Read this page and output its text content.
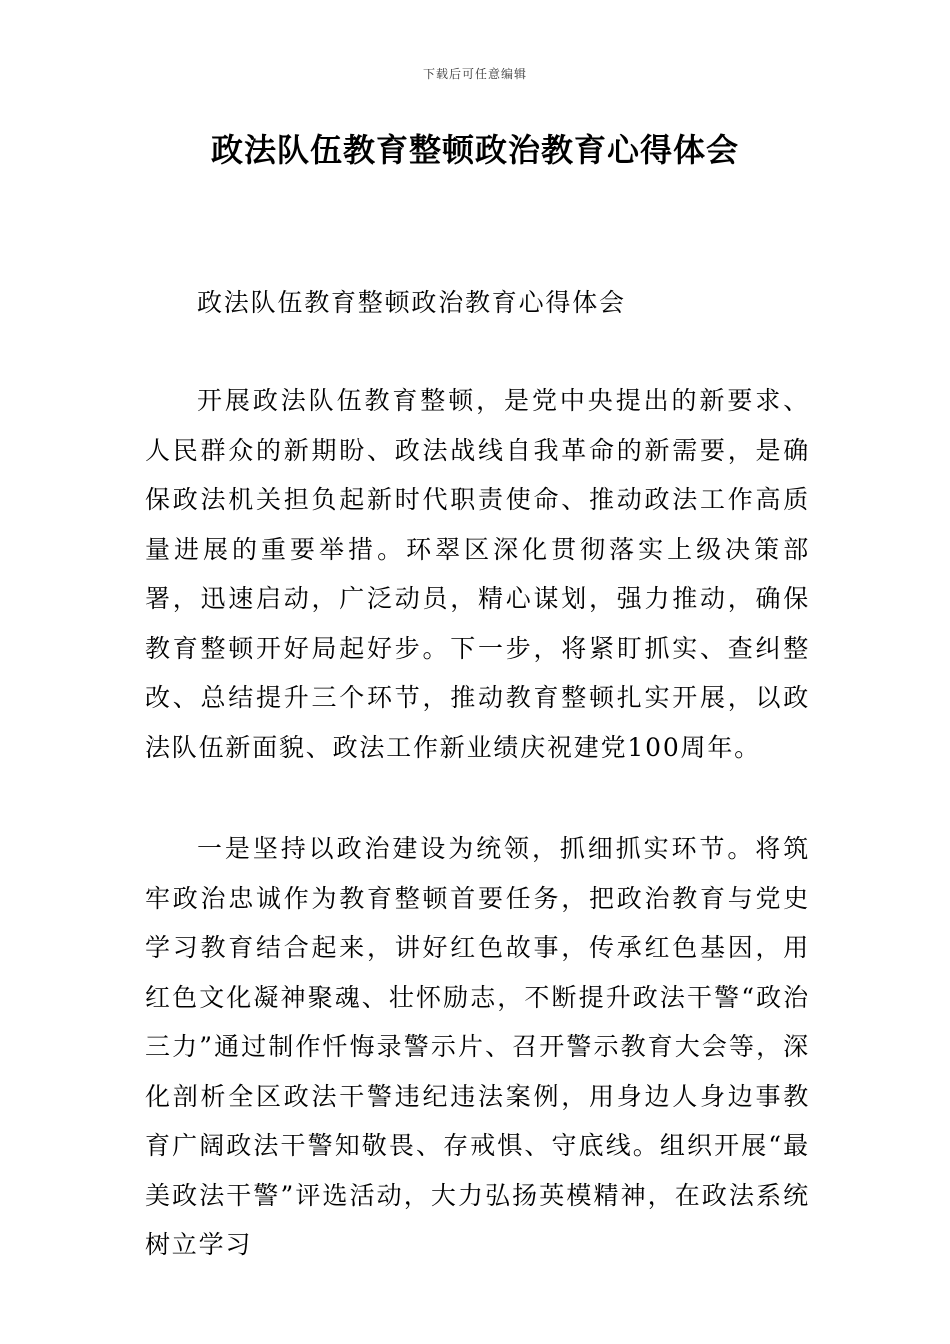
下载后可任意编辑
政法队伍教育整顿政治教育心得体会
政法队伍教育整顿政治教育心得体会
开展政法队伍教育整顿，是党中央提出的新要求、人民群众的新期盼、政法战线自我革命的新需要，是确保政法机关担负起新时代职责使命、推动政法工作高质量进展的重要举措。环翠区深化贯彻落实上级决策部署，迅速启动，广泛动员，精心谋划，强力推动，确保教育整顿开好局起好步。下一步，将紧盯抓实、查纠整改、总结提升三个环节，推动教育整顿扎实开展，以政法队伍新面貌、政法工作新业绩庆祝建党100周年。
一是坚持以政治建设为统领，抓细抓实环节。将筑牢政治忠诚作为教育整顿首要任务，把政治教育与党史学习教育结合起来，讲好红色故事，传承红色基因，用红色文化凝神聚魂、壮怀励志，不断提升政法干警“政治三力”通过制作忏悔录警示片、召开警示教育大会等，深化剖析全区政法干警违纪违法案例，用身边人身边事教育广阔政法干警知敬畏、存戒惧、守底线。组织开展“最美政法干警”评选活动，大力弘扬英模精神，在政法系统树立学习
